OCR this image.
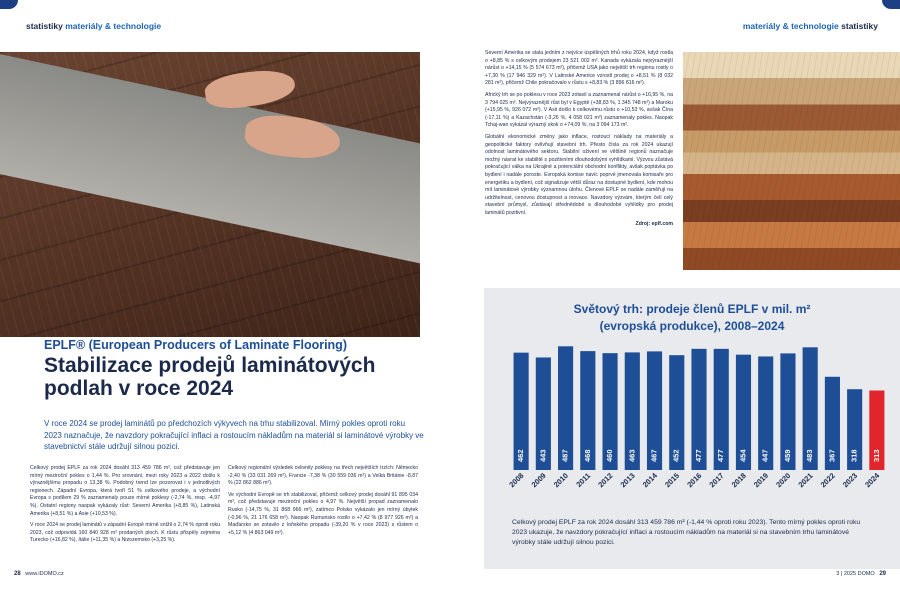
statistiky materiály & technologie	materiály & technologie statistiky
EPLF® (European Producers of Laminate Flooring)
Stabilizace prodejů laminátových podlah v roce 2024
V roce 2024 se prodej laminátů po předchozích výkyvech na trhu stabilizoval. Mírný pokles oproti roku 2023 naznačuje, že navzdory pokračující inflaci a rostoucím nákladům na materiál si laminátové výrobky ve stavebnictví stále udržují silnou pozici.

Celkový prodej EPLF za rok 2024 dosáhl 313 459 786 m², což představuje jen mírný meziroční pokles o 1,44 %. Pro srovnání, mezi roky 2023 a 2022 došlo k výraznějšímu propadu o 13,38 %. Podobný trend lze pozorovat i v jednotlivých regionech. Západní Evropa, která tvoří 51 % celkového prodeje, a východní Evropa s podílem 29 % zaznamenaly pouze mírné poklesy (-2,74 %, resp. -4,97 %). Ostatní regiony naopak vykázaly růst: Severní Amerika (+8,85 %), Latinská Amerika (+8,51 %) a Asie (+10,53 %).

V roce 2024 se prodej laminátů v západní Evropě mírně snížil o 2,74 % oproti roku 2023, což odpovídá 160 840 928 m² prodaných ploch. K růstu přispěly zejména Turecko (+16,82 %), Itálie (+11,35 %) a Nizozemsko (+3,25 %).

Celkový regionální výsledek ovlivnily poklesy na třech největších trzích: Německo -2,40 % (33 031 269 m²), Francie -7,38 % (30 559 036 m²) a Velká Británie -8,87 % (22 862 886 m²).

Ve východní Evropě se trh stabilizoval, přičemž celkový prodej dosáhl 91 895 034 m², což představuje meziroční pokles o 4,97 %. Největší propad zaznamenalo Rusko (-14,75 %, 31 868 966 m²), zatímco Polsko vykázalo jen mírný úbytek (-0,96 %, 21 176 658 m²). Naopak Rumunsko rostlo o +7,42 % (8 977 926 m²) a Maďarsko se zotavilo z loňského propadu (-39,20 % v roce 2023) s růstem o +5,12 % (4 863 049 m²).

Severní Amerika se stala jedním z nejvíce úspěšných trhů roku 2024, když rostla o +8,85 % s celkovým prodejem 23 521 002 m². Kanada vykázala nejvýraznější nárůst o +14,15 % (5 574 673 m²), přičemž USA jako největší trh regionu rostly o +7,30 % (17 946 329 m²). V Latinské Americe vzrostl prodej o +8,51 % (8 032 281 m²), přičemž Chile pokračovalo v růstu s +8,83 % (3 896 816 m²).

Africký trh se po poklesu v roce 2023 zotavil a zaznamenal nárůst o +16,95 %, na 3 794 025 m². Nejvýraznější růst byl v Egyptě (+38,83 %, 1 345 748 m²) a Maroku (+15,95 %, 926 072 m²). V Asii došlo k celkovému růstu o +10,53 %, avšak Čína (-17,11 %) a Kazachstán (-3,26 %, 4 058 021 m²) zaznamenaly pokles. Naopak Tchaj-wan vykázal výrazný skok o +74,09 %, na 3 094 173 m².

Globální ekonomické změny jako inflace, rostoucí náklady na materiály a geopolitické faktory ovlivňují stavební trh. Přesto čísla za rok 2024 ukazují odolnost laminátového sektoru. Stabilní oživení ve většině regionů naznačuje možný návrat ke stabilitě s pozitivními dlouhodobými vyhlídkami. Výzvou zůstává pokračující válka na Ukrajině a potenciální obchodní konflikty, avšak poptávka po bydlení i nadále poroste. Evropská komise navíc poprvé jmenovala komisaře pro energetiku a bydlení, což signalizuje větší důraz na dostupné bydlení, kde mohou mít laminátové výrobky významnou úlohu. Členové EPLF se nadále zaměřují na udržitelnost, cenovou dostupnost a inovace. Navzdory výzvám, kterým čelí celý stavební průmysl, zůstávají střednědobé a dlouhodobé vyhlídky pro prodej laminátů pozitivní.

Zdroj: eplf.com

Světový trh: prodeje členů EPLF v mil. m²
(evropská produkce), 2008–2024
462
2008
443
2009
487
2010
468
2011
460
2012
463
2013
467
2014
452
2015
477
2016
477
2017
454
2018
447
2019
459
2020
483
2021
367
2022
318
2023
313
2024
Celkový prodej EPLF za rok 2024 dosáhl 313 459 786 m² (-1,44 % oproti roku 2023). Tento mírný pokles oproti roku 2023 ukazuje, že navzdory pokračující inflaci a rostoucím nákladům na materiál si na stavebním trhu laminátové výrobky stále udržují silnou pozici.
28 www.iDOMO.cz	3 | 2025 DOMO 29
